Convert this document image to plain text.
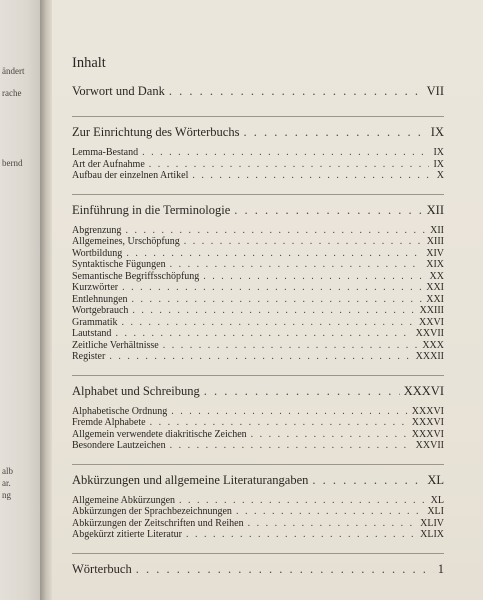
ändert
rache
bernd
alb
ar.
ng
Inhalt
Vorwort und Dank . . .	VII
Zur Einrichtung des Wörterbuchs . . .	IX
Lemma-Bestand . . .	IX
Art der Aufnahme . . .	IX
Aufbau der einzelnen Artikel . . .	X
Einführung in die Terminologie . . .	XII
Abgrenzung . . .	XII
Allgemeines, Urschöpfung . . .	XIII
Wortbildung . . .	XIV
Syntaktische Fügungen . . .	XIX
Semantische Begriffsschöpfung . . .	XX
Kurzwörter . . .	XXI
Entlehnungen . . .	XXI
Wortgebrauch . . .	XXIII
Grammatik . . .	XXVI
Lautstand . . .	XXVII
Zeitliche Verhältnisse . . .	XXX
Register . . .	XXXII
Alphabet und Schreibung . . .	XXXVI
Alphabetische Ordnung . . .	XXXVI
Fremde Alphabete . . .	XXXVI
Allgemein verwendete diakritische Zeichen . . .	XXXVI
Besondere Lautzeichen . . .	XXVII
Abkürzungen und allgemeine Literaturangaben . . .	XL
Allgemeine Abkürzungen . . .	XL
Abkürzungen der Sprachbezeichnungen . . .	XLI
Abkürzungen der Zeitschriften und Reihen . . .	XLIV
Abgekürzt zitierte Literatur . . .	XLIX
Wörterbuch . . .	1
